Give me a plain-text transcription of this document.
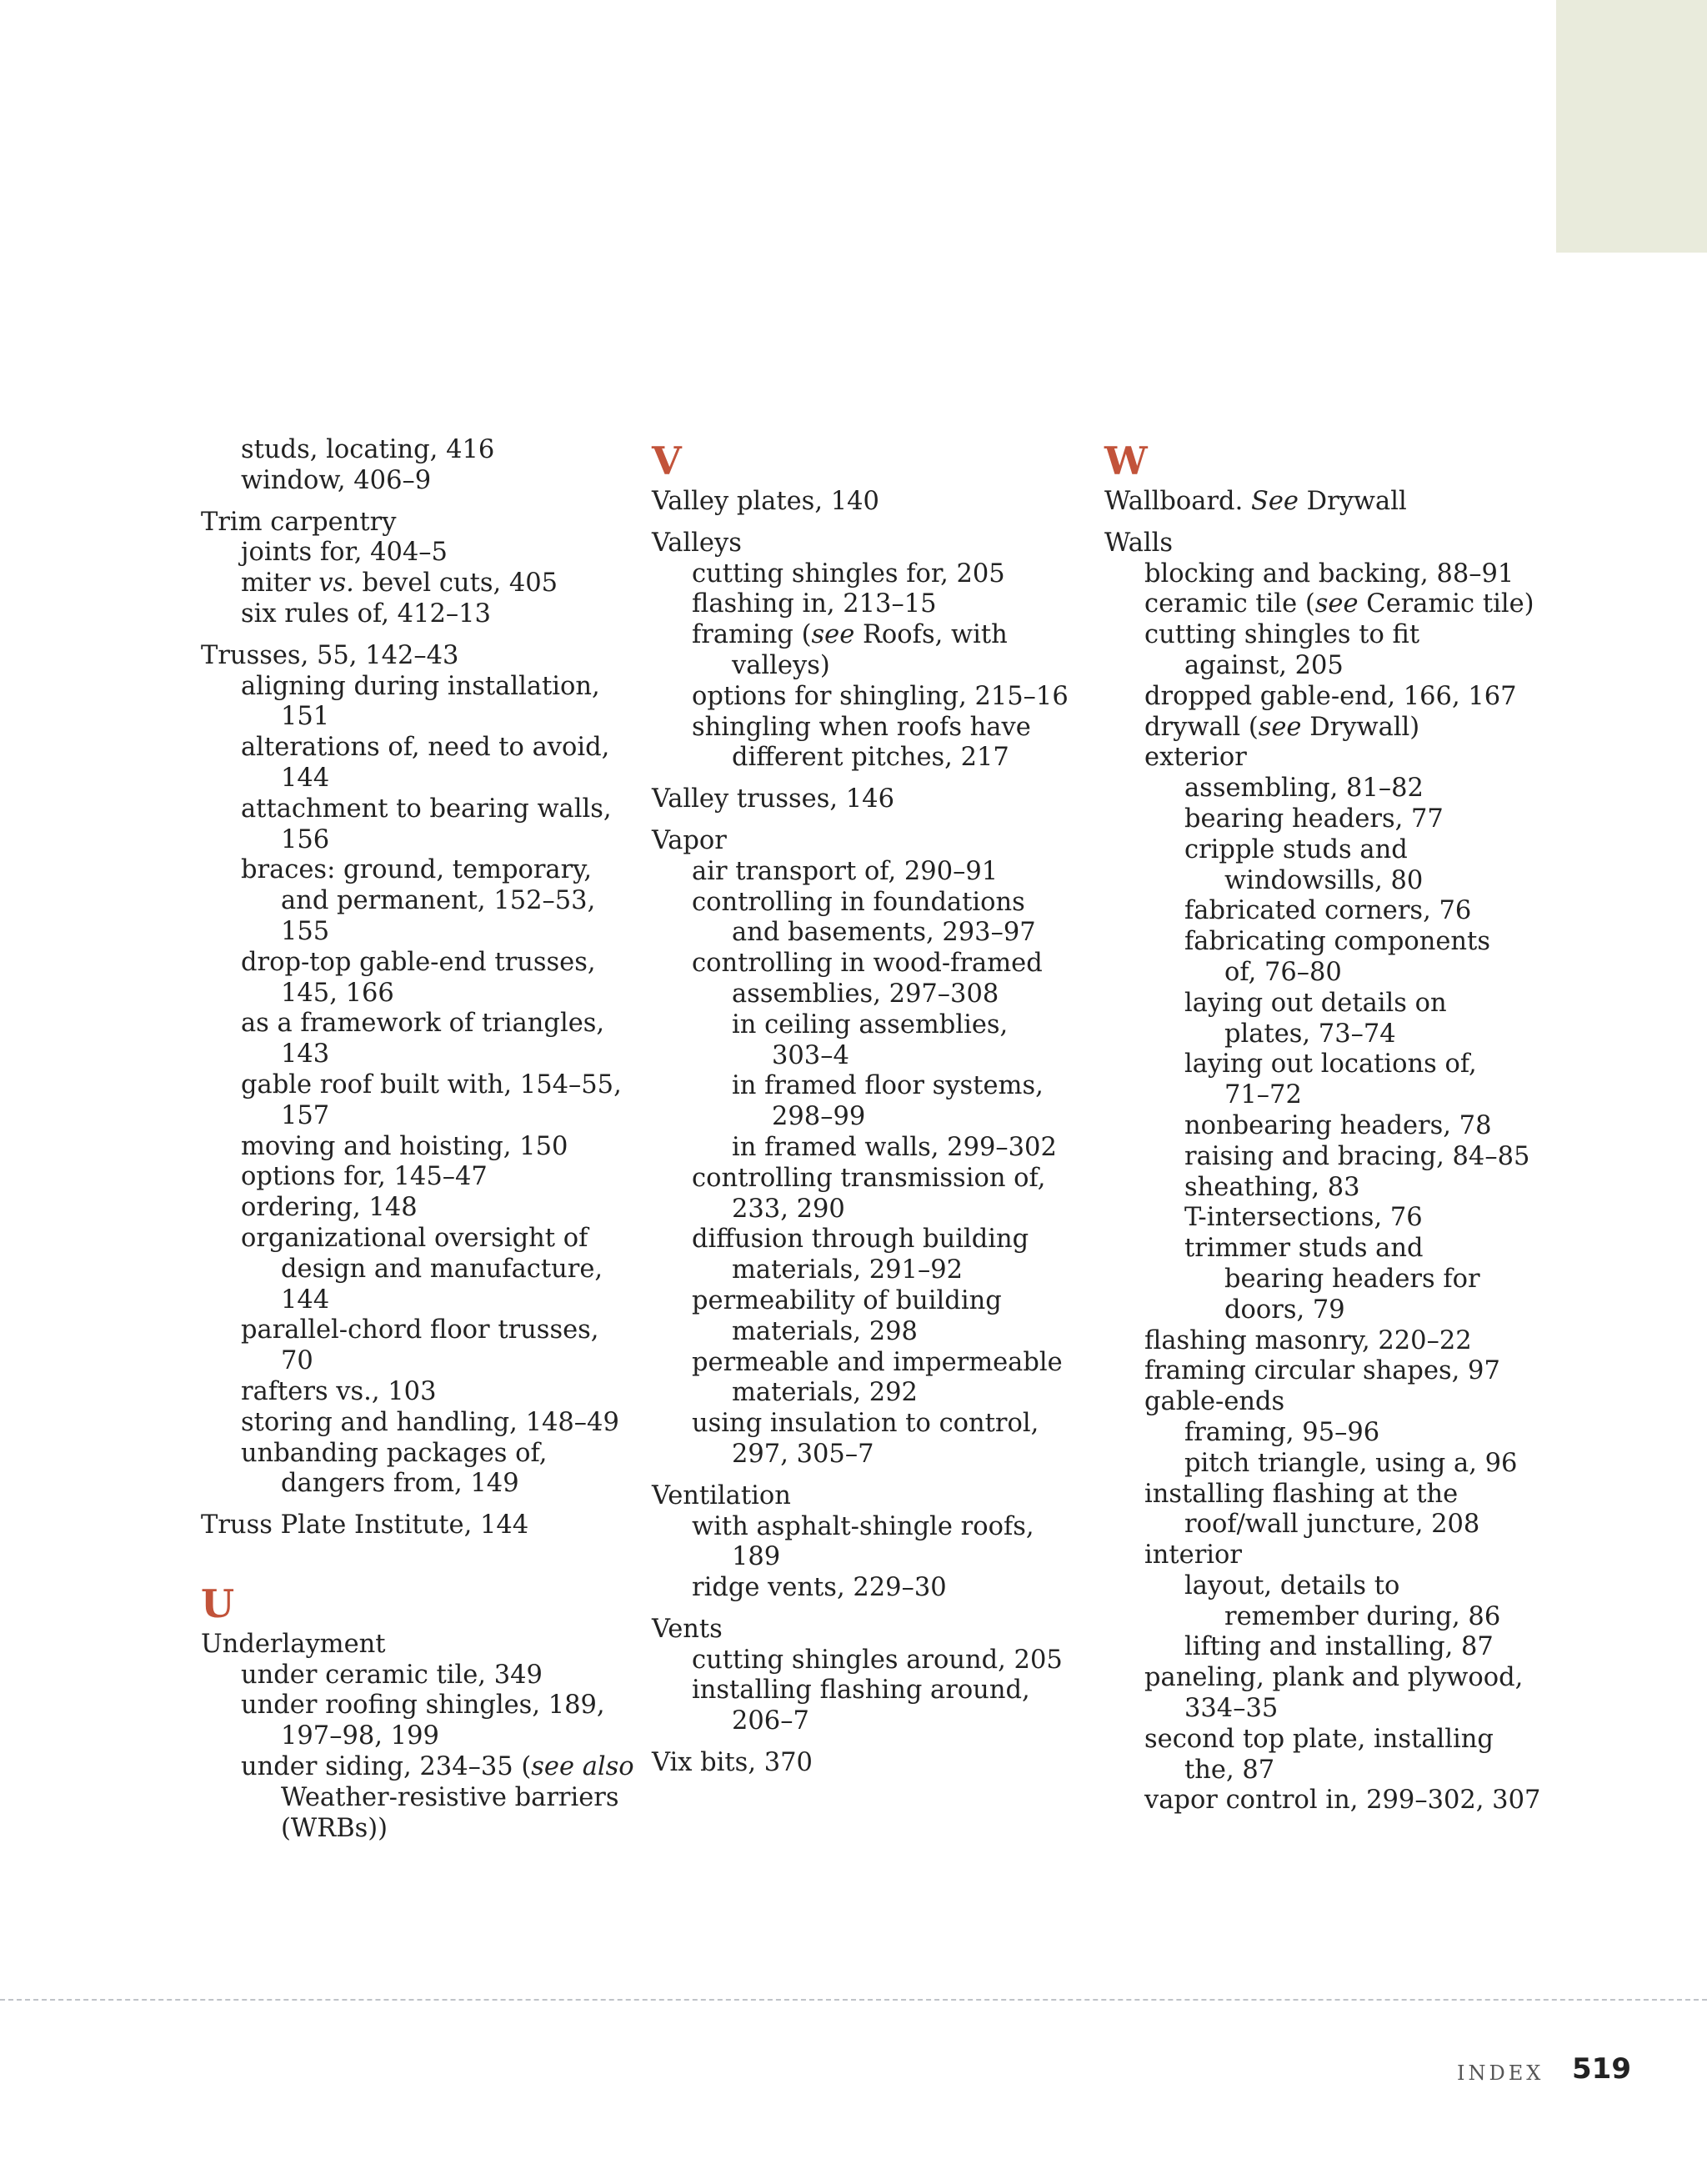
studs, locating, 416
window, 406–9
Trim carpentry
joints for, 404–5
miter vs. bevel cuts, 405
six rules of, 412–13
Trusses, 55, 142–43
aligning during installation,
151
alterations of, need to avoid,
144
attachment to bearing walls,
156
braces: ground, temporary,
and permanent, 152–53,
155
drop-top gable-end trusses,
145, 166
as a framework of triangles,
143
gable roof built with, 154–55,
157
moving and hoisting, 150
options for, 145–47
ordering, 148
organizational oversight of
design and manufacture,
144
parallel-chord floor trusses,
70
rafters vs., 103
storing and handling, 148–49
unbanding packages of,
dangers from, 149
Truss Plate Institute, 144
U
Underlayment
under ceramic tile, 349
under roofing shingles, 189,
197–98, 199
under siding, 234–35 (see also
Weather-resistive barriers
(WRBs))
V
Valley plates, 140
Valleys
cutting shingles for, 205
flashing in, 213–15
framing (see Roofs, with
valleys)
options for shingling, 215–16
shingling when roofs have
different pitches, 217
Valley trusses, 146
Vapor
air transport of, 290–91
controlling in foundations
and basements, 293–97
controlling in wood-framed
assemblies, 297–308
in ceiling assemblies,
303–4
in framed floor systems,
298–99
in framed walls, 299–302
controlling transmission of,
233, 290
diffusion through building
materials, 291–92
permeability of building
materials, 298
permeable and impermeable
materials, 292
using insulation to control,
297, 305–7
Ventilation
with asphalt-shingle roofs,
189
ridge vents, 229–30
Vents
cutting shingles around, 205
installing flashing around,
206–7
Vix bits, 370
W
Wallboard. See Drywall
Walls
blocking and backing, 88–91
ceramic tile (see Ceramic tile)
cutting shingles to fit
against, 205
dropped gable-end, 166, 167
drywall (see Drywall)
exterior
assembling, 81–82
bearing headers, 77
cripple studs and
windowsills, 80
fabricated corners, 76
fabricating components
of, 76–80
laying out details on
plates, 73–74
laying out locations of,
71–72
nonbearing headers, 78
raising and bracing, 84–85
sheathing, 83
T-intersections, 76
trimmer studs and
bearing headers for
doors, 79
flashing masonry, 220–22
framing circular shapes, 97
gable-ends
framing, 95–96
pitch triangle, using a, 96
installing flashing at the
roof/wall juncture, 208
interior
layout, details to
remember during, 86
lifting and installing, 87
paneling, plank and plywood,
334–35
second top plate, installing
the, 87
vapor control in, 299–302, 307
INDEX 519
